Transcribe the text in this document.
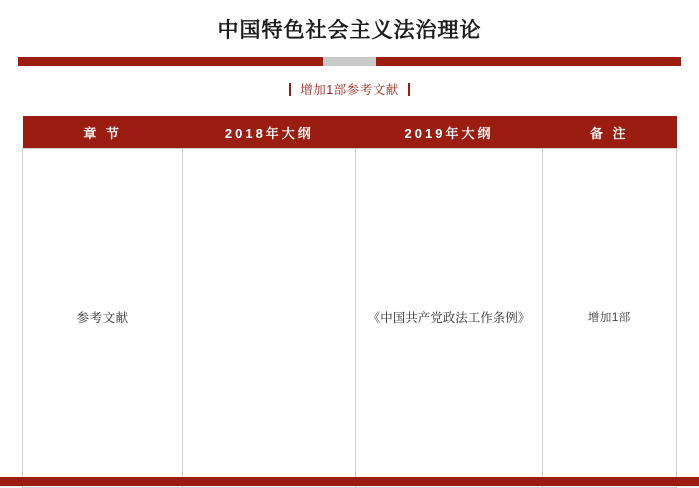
中国特色社会主义法治理论
增加1部参考文献
章 节	2018年大纲	2019年大纲	备 注
参考文献		《中国共产党政法工作条例》	增加1部
